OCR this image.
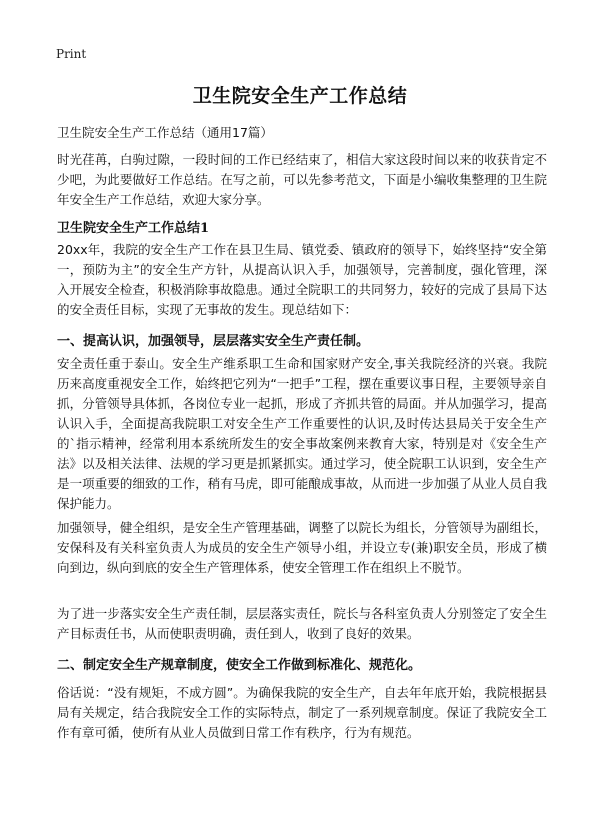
Print
卫生院安全生产工作总结
卫生院安全生产工作总结（通用17篇）
时光荏苒，白驹过隙，一段时间的工作已经结束了，相信大家这段时间以来的收获肯定不少吧，为此要做好工作总结。在写之前，可以先参考范文，下面是小编收集整理的卫生院年安全生产工作总结，欢迎大家分享。
卫生院安全生产工作总结1
20xx年，我院的安全生产工作在县卫生局、镇党委、镇政府的领导下，始终坚持“安全第一，预防为主”的安全生产方针，从提高认识入手，加强领导，完善制度，强化管理，深入开展安全检查，积极消除事故隐患。通过全院职工的共同努力，较好的完成了县局下达的安全责任目标，实现了无事故的发生。现总结如下：
一、提高认识，加强领导，层层落实安全生产责任制。
安全责任重于泰山。安全生产维系职工生命和国家财产安全,事关我院经济的兴衰。我院历来高度重视安全工作，始终把它列为“一把手”工程，摆在重要议事日程，主要领导亲自抓，分管领导具体抓，各岗位专业一起抓，形成了齐抓共管的局面。并从加强学习，提高认识入手，全面提高我院职工对安全生产工作重要性的认识,及时传达县局关于安全生产的`指示精神，经常利用本系统所发生的安全事故案例来教育大家，特别是对《安全生产法》以及相关法律、法规的学习更是抓紧抓实。通过学习，使全院职工认识到，安全生产是一项重要的细致的工作，稍有马虎，即可能酿成事故，从而进一步加强了从业人员自我保护能力。
加强领导，健全组织，是安全生产管理基础，调整了以院长为组长，分管领导为副组长，安保科及有关科室负责人为成员的安全生产领导小组，并设立专(兼)职安全员，形成了横向到边，纵向到底的安全生产管理体系，使安全管理工作在组织上不脱节。
为了进一步落实安全生产责任制，层层落实责任，院长与各科室负责人分别签定了安全生产目标责任书，从而使职责明确，责任到人，收到了良好的效果。
二、制定安全生产规章制度，使安全工作做到标准化、规范化。
俗话说：“没有规矩，不成方圆”。为确保我院的安全生产，自去年年底开始，我院根据县局有关规定，结合我院安全工作的实际特点，制定了一系列规章制度。保证了我院安全工作有章可循，使所有从业人员做到日常工作有秩序，行为有规范。
